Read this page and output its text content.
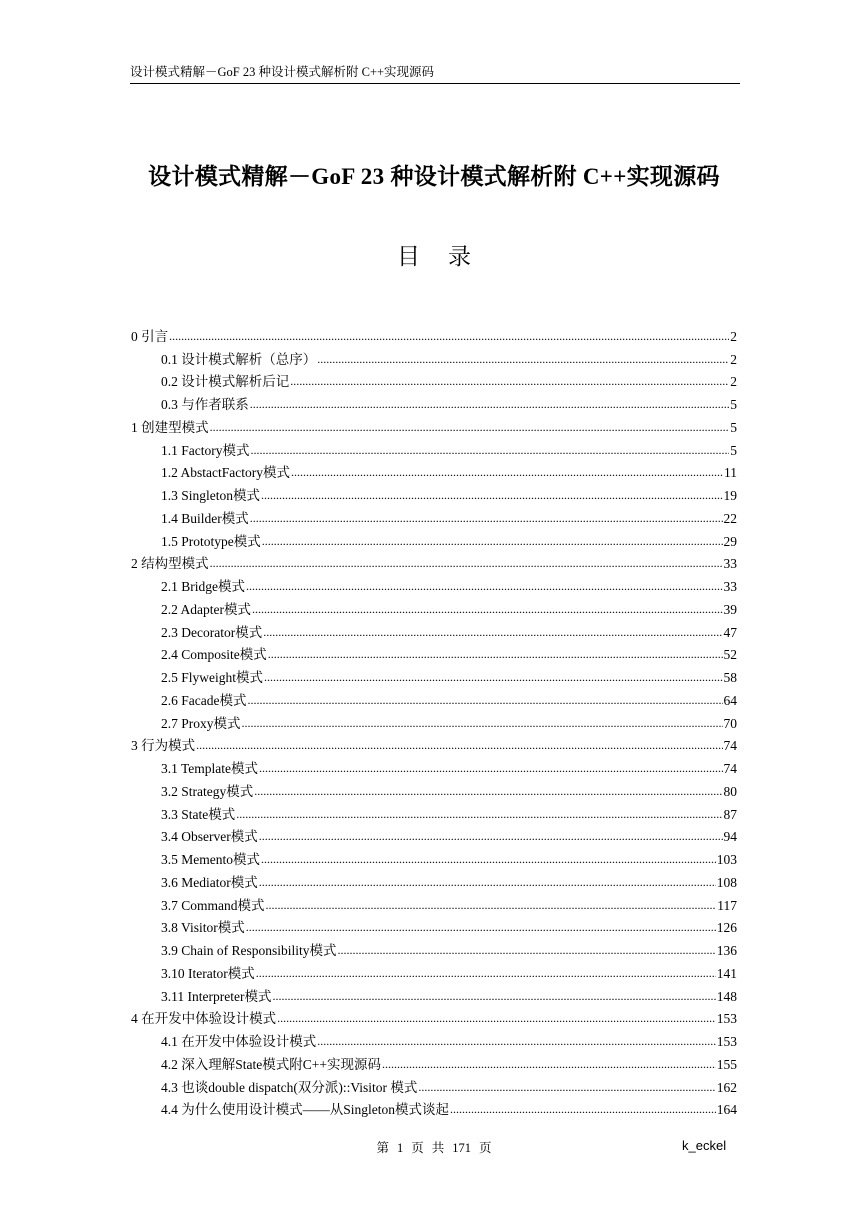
设计模式精解－GoF 23 种设计模式解析附 C++实现源码
设计模式精解－GoF 23 种设计模式解析附 C++实现源码
目 录
0 引言 .....	2
0.1 设计模式解析（总序） .....	2
0.2 设计模式解析后记 .....	2
0.3 与作者联系 .....	5
1 创建型模式 .....	5
1.1 Factory模式 .....	5
1.2 AbstactFactory模式 .....	11
1.3 Singleton模式 .....	19
1.4 Builder模式 .....	22
1.5 Prototype模式 .....	29
2 结构型模式 .....	33
2.1 Bridge模式 .....	33
2.2 Adapter模式 .....	39
2.3 Decorator模式 .....	47
2.4 Composite模式 .....	52
2.5 Flyweight模式 .....	58
2.6 Facade模式 .....	64
2.7 Proxy模式 .....	70
3 行为模式 .....	74
3.1 Template模式 .....	74
3.2 Strategy模式 .....	80
3.3 State模式 .....	87
3.4 Observer模式 .....	94
3.5 Memento模式 .....	103
3.6 Mediator模式 .....	108
3.7 Command模式 .....	117
3.8 Visitor模式 .....	126
3.9 Chain of Responsibility模式 .....	136
3.10 Iterator模式 .....	141
3.11 Interpreter模式 .....	148
4 在开发中体验设计模式 .....	153
4.1 在开发中体验设计模式 .....	153
4.2 深入理解State模式附C++实现源码 .....	155
4.3 也谈double dispatch(双分派)::Visitor 模式 .....	162
4.4 为什么使用设计模式——从Singleton模式谈起 .....	164
第 1 页 共 171 页	k_eckel
